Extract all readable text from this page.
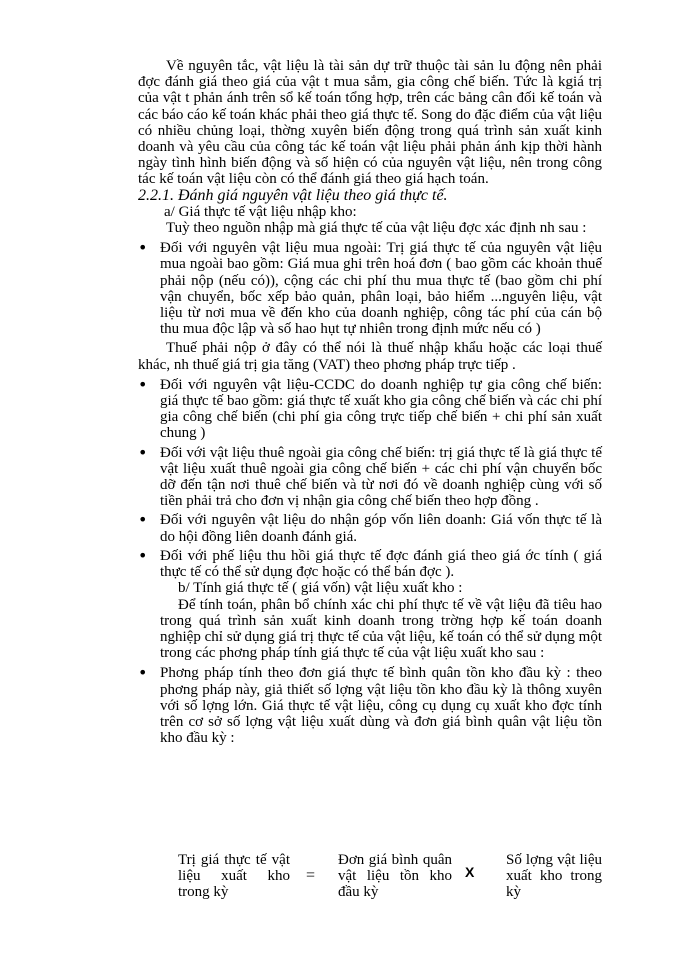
Về nguyên tắc, vật liệu là tài sản dự trữ thuộc tài sản lu động nên phải đợc đánh giá theo giá của vật t mua sắm, gia công chế biến. Tức là kgiá trị của vật t phản ánh trên sổ kế toán tổng hợp, trên các bảng cân đối kế toán và các báo cáo kế toán khác phải theo giá thực tế. Song do đặc điểm của vật liệu có nhiều chủng loại, thờng xuyên biến động trong quá trình sản xuất kinh doanh và yêu cầu của công tác kế toán vật liệu phải phản ánh kịp thời hành ngày tình hình biến động và số hiện có của nguyên vật liệu, nên trong công tác kế toán vật liệu còn có thể đánh giá theo giá hạch toán.

2.2.1. Đánh giá nguyên vật liệu theo giá thực tế.

a/ Giá thực tế vật liệu nhập kho:

Tuỳ theo nguồn nhập mà giá thực tế của vật liệu đợc xác định nh sau :

• Đối với nguyên vật liệu mua ngoài: Trị giá thực tế của nguyên vật liệu mua ngoài bao gồm: Giá mua ghi trên hoá đơn ( bao gồm các khoản thuế phải nộp (nếu có)), cộng các chi phí thu mua thực tế (bao gồm chi phí vận chuyển, bốc xếp bảo quản, phân loại, bảo hiểm ...nguyên liệu, vật liệu từ nơi mua về đến kho của doanh nghiệp, công tác phí của cán bộ thu mua độc lập và số hao hụt tự nhiên trong định mức nếu có )

Thuế phải nộp ở đây có thể nói là thuế nhập khẩu hoặc các loại thuế khác, nh thuế giá trị gia tăng (VAT) theo phơng pháp trực tiếp .

• Đối với nguyên vật liệu-CCDC do doanh nghiệp tự gia công chế biến: giá thực tế bao gồm: giá thực tế xuất kho gia công chế biến và các chi phí gia công chế biến (chi phí gia công trực tiếp chế biến + chi phí sản xuất chung )
• Đối với vật liệu thuê ngoài gia công chế biến: trị giá thực tế là giá thực tế vật liệu xuất thuê ngoài gia công chế biến + các chi phí vận chuyển bốc dỡ đến tận nơi thuê chế biến và từ nơi đó về doanh nghiệp cùng với số tiền phải trả cho đơn vị nhận gia công chế biến theo hợp đồng .
• Đối với nguyên vật liệu do nhận góp vốn liên doanh: Giá vốn thực tế là do hội đồng liên doanh đánh giá.
• Đối với phế liệu thu hồi giá thực tế đợc đánh giá theo giá ớc tính ( giá thực tế có thể sử dụng đợc hoặc có thể bán đợc ).

b/ Tính giá thực tế ( giá vốn) vật liệu xuất kho :

Để tính toán, phân bổ chính xác chi phí thực tế về vật liệu đã tiêu hao trong quá trình sản xuất kinh doanh trong trờng hợp kế toán doanh nghiệp chỉ sử dụng giá trị thực tế của vật liệu, kế toán có thể sử dụng một trong các phơng pháp tính giá thực tế của vật liệu xuất kho sau :

• Phơng pháp tính theo đơn giá thực tế bình quân tồn kho đầu kỳ : theo phơng pháp này, giả thiết số lợng vật liệu tồn kho đầu kỳ là thông xuyên với số lợng lớn. Giá thực tế vật liệu, công cụ dụng cụ xuất kho đợc tính trên cơ sở số lợng vật liệu xuất dùng và đơn giá bình quân vật liệu tồn kho đầu kỳ :
Trị giá thực tế vật liệu xuất kho trong kỳ
=
Đơn giá bình quân vật liệu tồn kho đầu kỳ
X
Số lợng vật liệu xuất kho trong kỳ
